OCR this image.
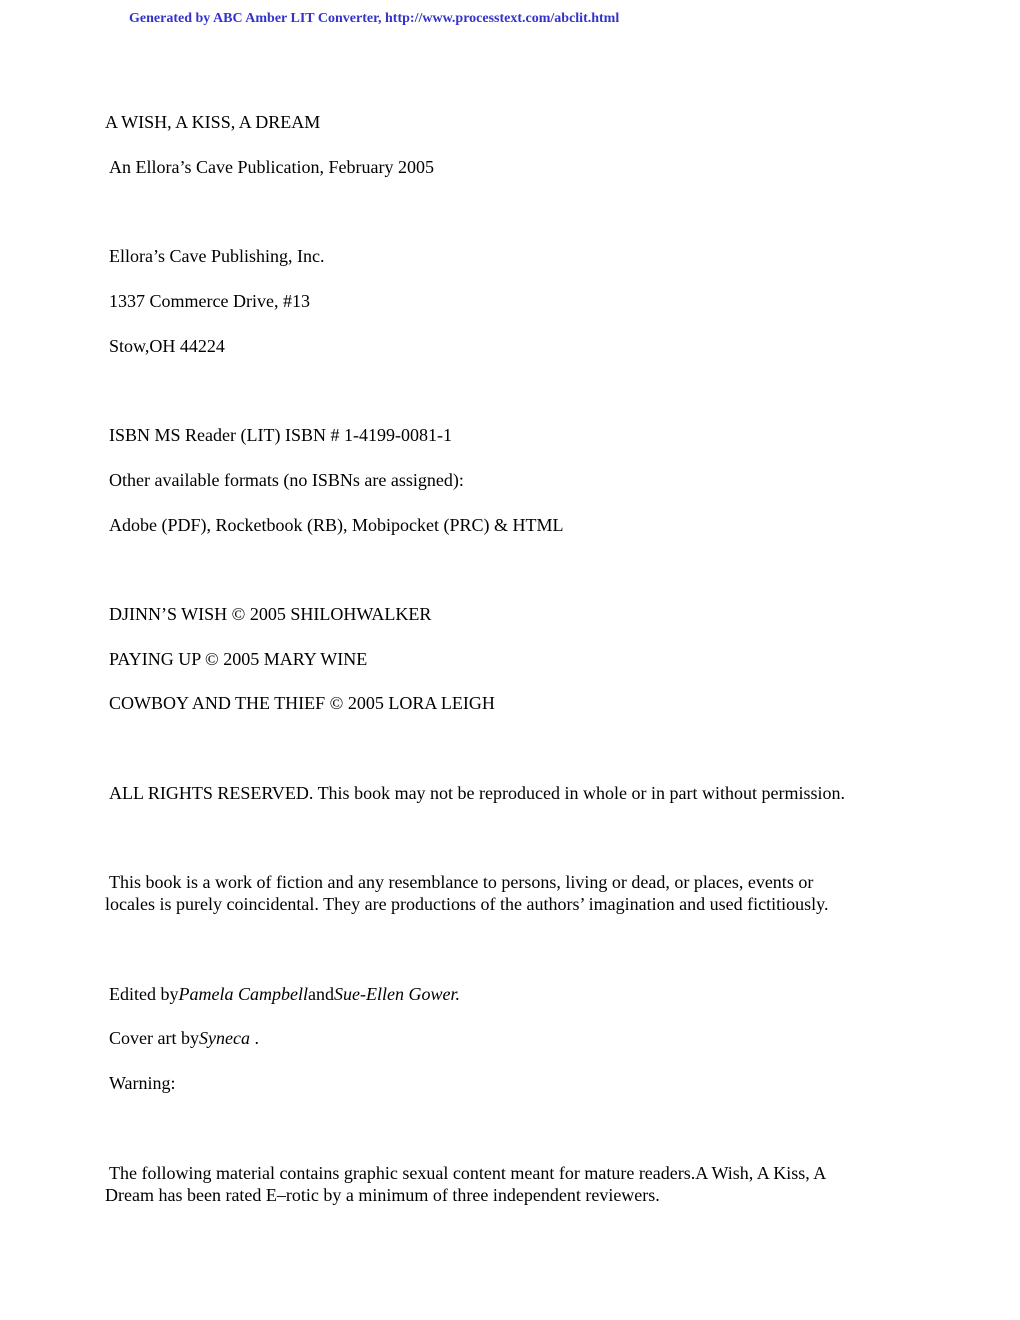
Generated by ABC Amber LIT Converter, http://www.processtext.com/abclit.html
A WISH, A KISS, A DREAM
An Ellora’s Cave Publication, February 2005
Ellora’s Cave Publishing, Inc.
1337 Commerce Drive, #13
Stow,OH 44224
ISBN MS Reader (LIT) ISBN # 1-4199-0081-1
Other available formats (no ISBNs are assigned):
Adobe (PDF), Rocketbook (RB), Mobipocket (PRC) & HTML
DJINN’S WISH © 2005 SHILOHWALKER
PAYING UP © 2005 MARY WINE
COWBOY AND THE THIEF © 2005 LORA LEIGH
ALL RIGHTS RESERVED. This book may not be reproduced in whole or in part without permission.
This book is a work of fiction and any resemblance to persons, living or dead, or places, events or
locales is purely coincidental. They are productions of the authors’ imagination and used fictitiously.
Edited byPamela CampbellandSue-Ellen Gower.
Cover art bySyneca .
Warning:
The following material contains graphic sexual content meant for mature readers.A Wish, A Kiss, A
Dream has been rated E–rotic by a minimum of three independent reviewers.
